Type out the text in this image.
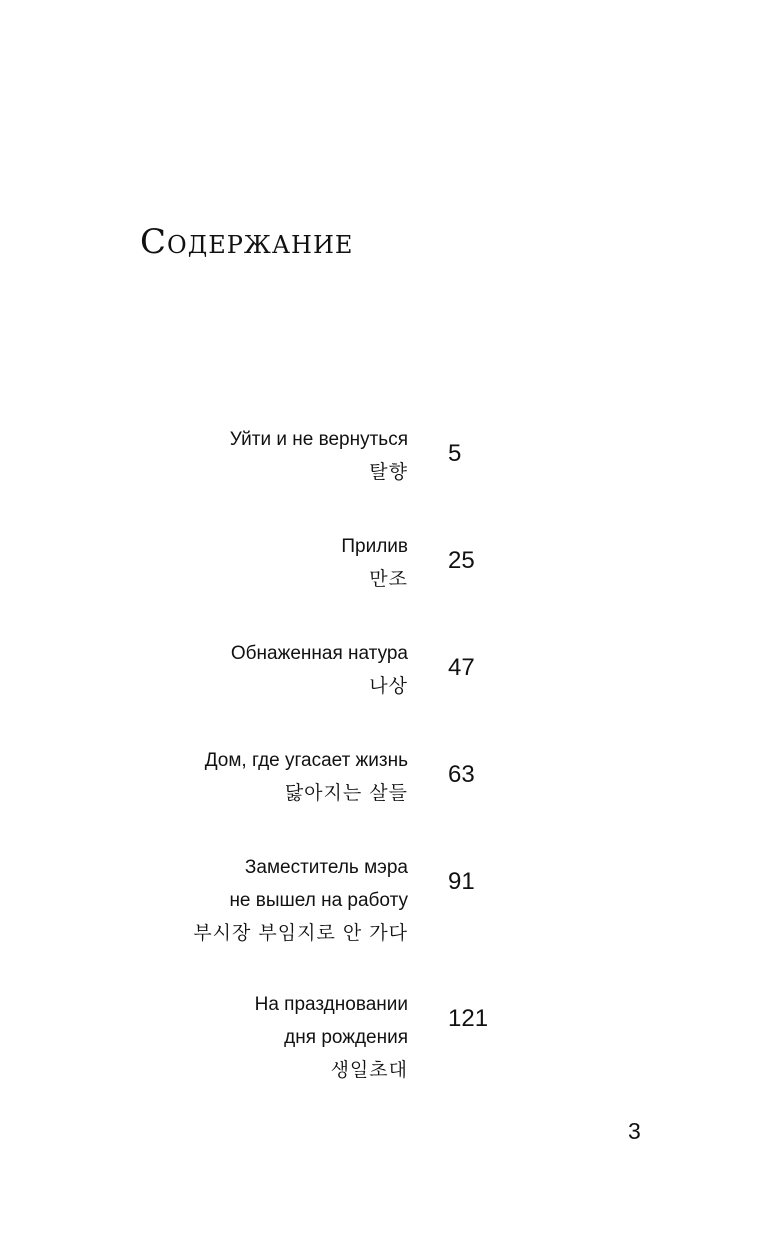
Содержание
Уйти и не вернуться
탈향
5
Прилив
만조
25
Обнаженная натура
나상
47
Дом, где угасает жизнь
닳아지는 살들
63
Заместитель мэра
не вышел на работу
부시장 부임지로 안 가다
91
На праздновании
дня рождения
생일초대
121
3
